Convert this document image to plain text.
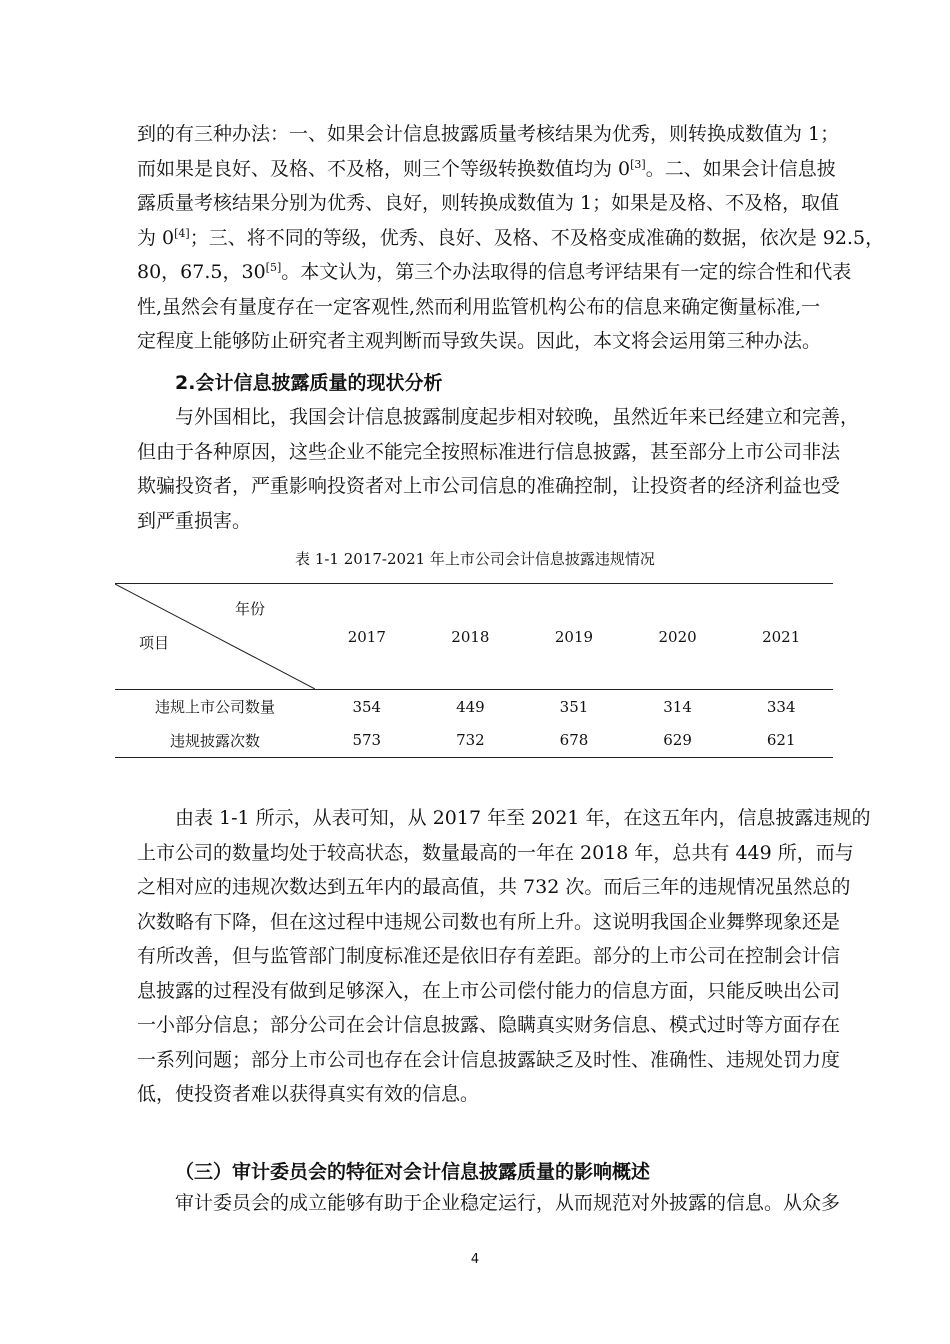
到的有三种办法：一、如果会计信息披露质量考核结果为优秀，则转换成数值为 1；
而如果是良好、及格、不及格，则三个等级转换数值均为 0[3]。二、如果会计信息披
露质量考核结果分别为优秀、良好，则转换成数值为 1；如果是及格、不及格，取值
为 0[4]；三、将不同的等级，优秀、良好、及格、不及格变成准确的数据，依次是 92.5，
80，67.5，30[5]。本文认为，第三个办法取得的信息考评结果有一定的综合性和代表
性,虽然会有量度存在一定客观性,然而利用监管机构公布的信息来确定衡量标准,一
定程度上能够防止研究者主观判断而导致失误。因此，本文将会运用第三种办法。
2.会计信息披露质量的现状分析
与外国相比，我国会计信息披露制度起步相对较晚，虽然近年来已经建立和完善，
但由于各种原因，这些企业不能完全按照标准进行信息披露，甚至部分上市公司非法
欺骗投资者，严重影响投资者对上市公司信息的准确控制，让投资者的经济利益也受
到严重损害。
表 1-1 2017-2021 年上市公司会计信息披露违规情况
年份
项目	2017	2018	2019	2020	2021
违规上市公司数量	354	449	351	314	334
违规披露次数	573	732	678	629	621
由表 1-1 所示，从表可知，从 2017 年至 2021 年，在这五年内，信息披露违规的
上市公司的数量均处于较高状态，数量最高的一年在 2018 年，总共有 449 所，而与
之相对应的违规次数达到五年内的最高值，共 732 次。而后三年的违规情况虽然总的
次数略有下降，但在这过程中违规公司数也有所上升。这说明我国企业舞弊现象还是
有所改善，但与监管部门制度标准还是依旧存有差距。部分的上市公司在控制会计信
息披露的过程没有做到足够深入，在上市公司偿付能力的信息方面，只能反映出公司
一小部分信息；部分公司在会计信息披露、隐瞒真实财务信息、模式过时等方面存在
一系列问题；部分上市公司也存在会计信息披露缺乏及时性、准确性、违规处罚力度
低，使投资者难以获得真实有效的信息。
（三）审计委员会的特征对会计信息披露质量的影响概述
审计委员会的成立能够有助于企业稳定运行，从而规范对外披露的信息。从众多
4
